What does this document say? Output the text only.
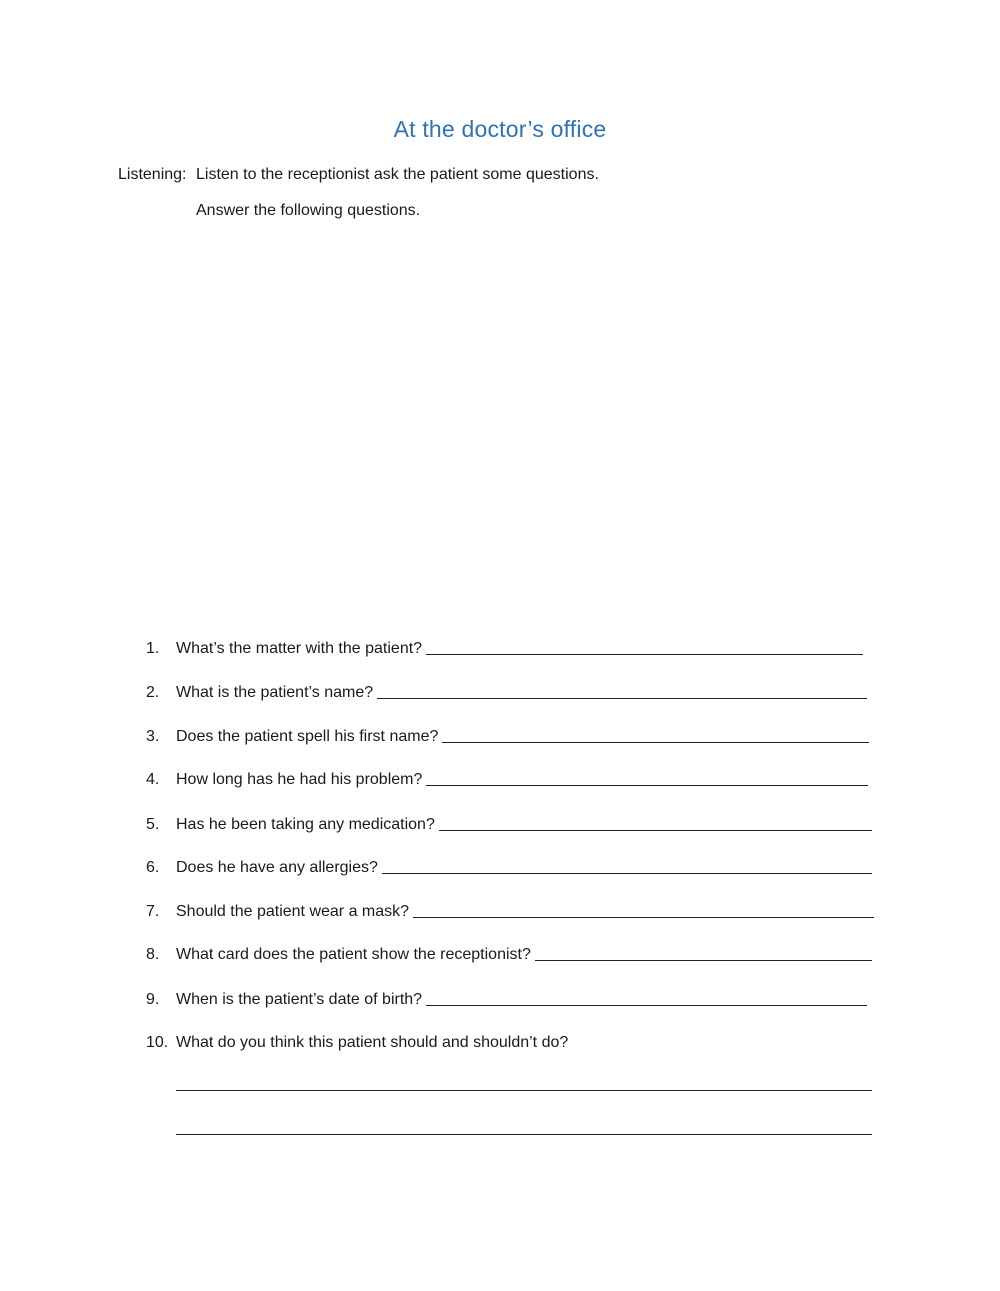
At the doctor’s office
Listening: Listen to the receptionist ask the patient some questions.
Answer the following questions.
1.	What’s the matter with the patient?
2.	What is the patient’s name?
3.	Does the patient spell his first name?
4.	How long has he had his problem?
5.	Has he been taking any medication?
6.	Does he have any allergies?
7.	Should the patient wear a mask?
8.	What card does the patient show the receptionist?
9.	When is the patient’s date of birth?
10. What do you think this patient should and shouldn’t do?
